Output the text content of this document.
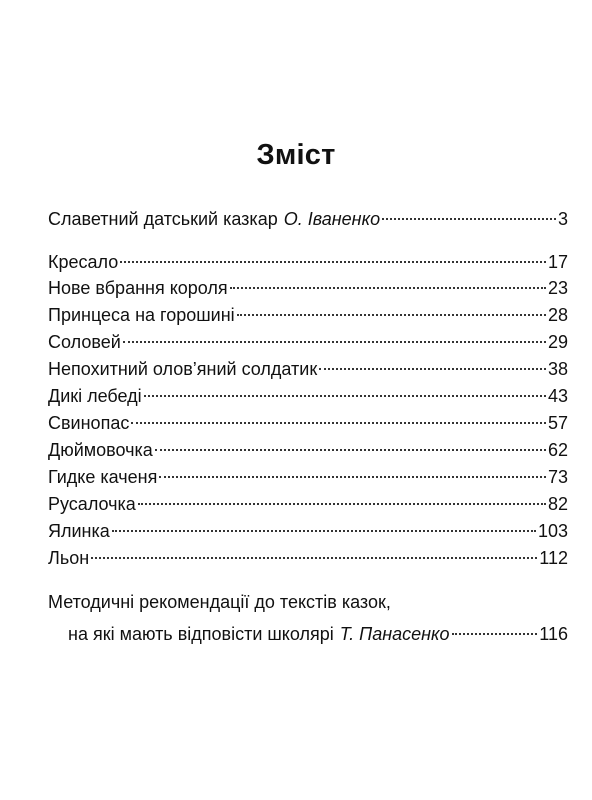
Зміст
Славетний датський казкар О. Іваненко	3
Кресало	17
Нове вбрання короля	23
Принцеса на горошині	28
Соловей	29
Непохитний олов’яний солдатик	38
Дикі лебеді	43
Свинопас	57
Дюймовочка	62
Гидке каченя	73
Русалочка	82
Ялинка	103
Льон	112
Методичні рекомендації до текстів казок,
на які мають відповісти школярі Т. Панасенко	116
